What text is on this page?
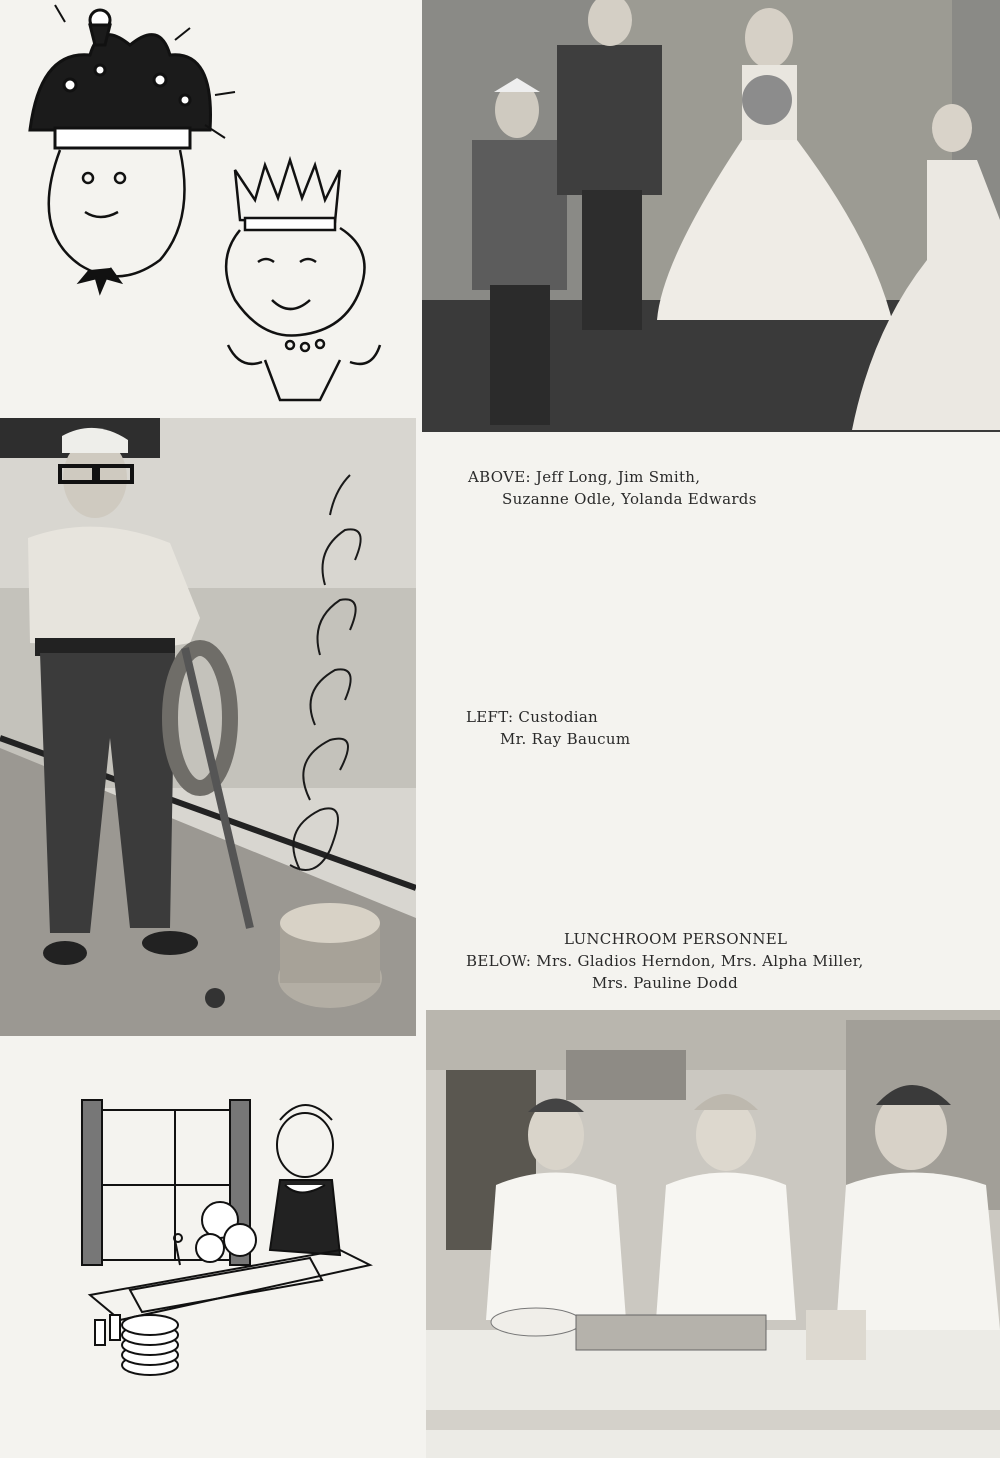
ABOVE: Jeff Long, Jim Smith,
Suzanne Odle, Yolanda Edwards
LEFT: Custodian
Mr. Ray Baucum
LUNCHROOM PERSONNEL
BELOW: Mrs. Gladios Herndon, Mrs. Alpha Miller,
Mrs. Pauline Dodd
